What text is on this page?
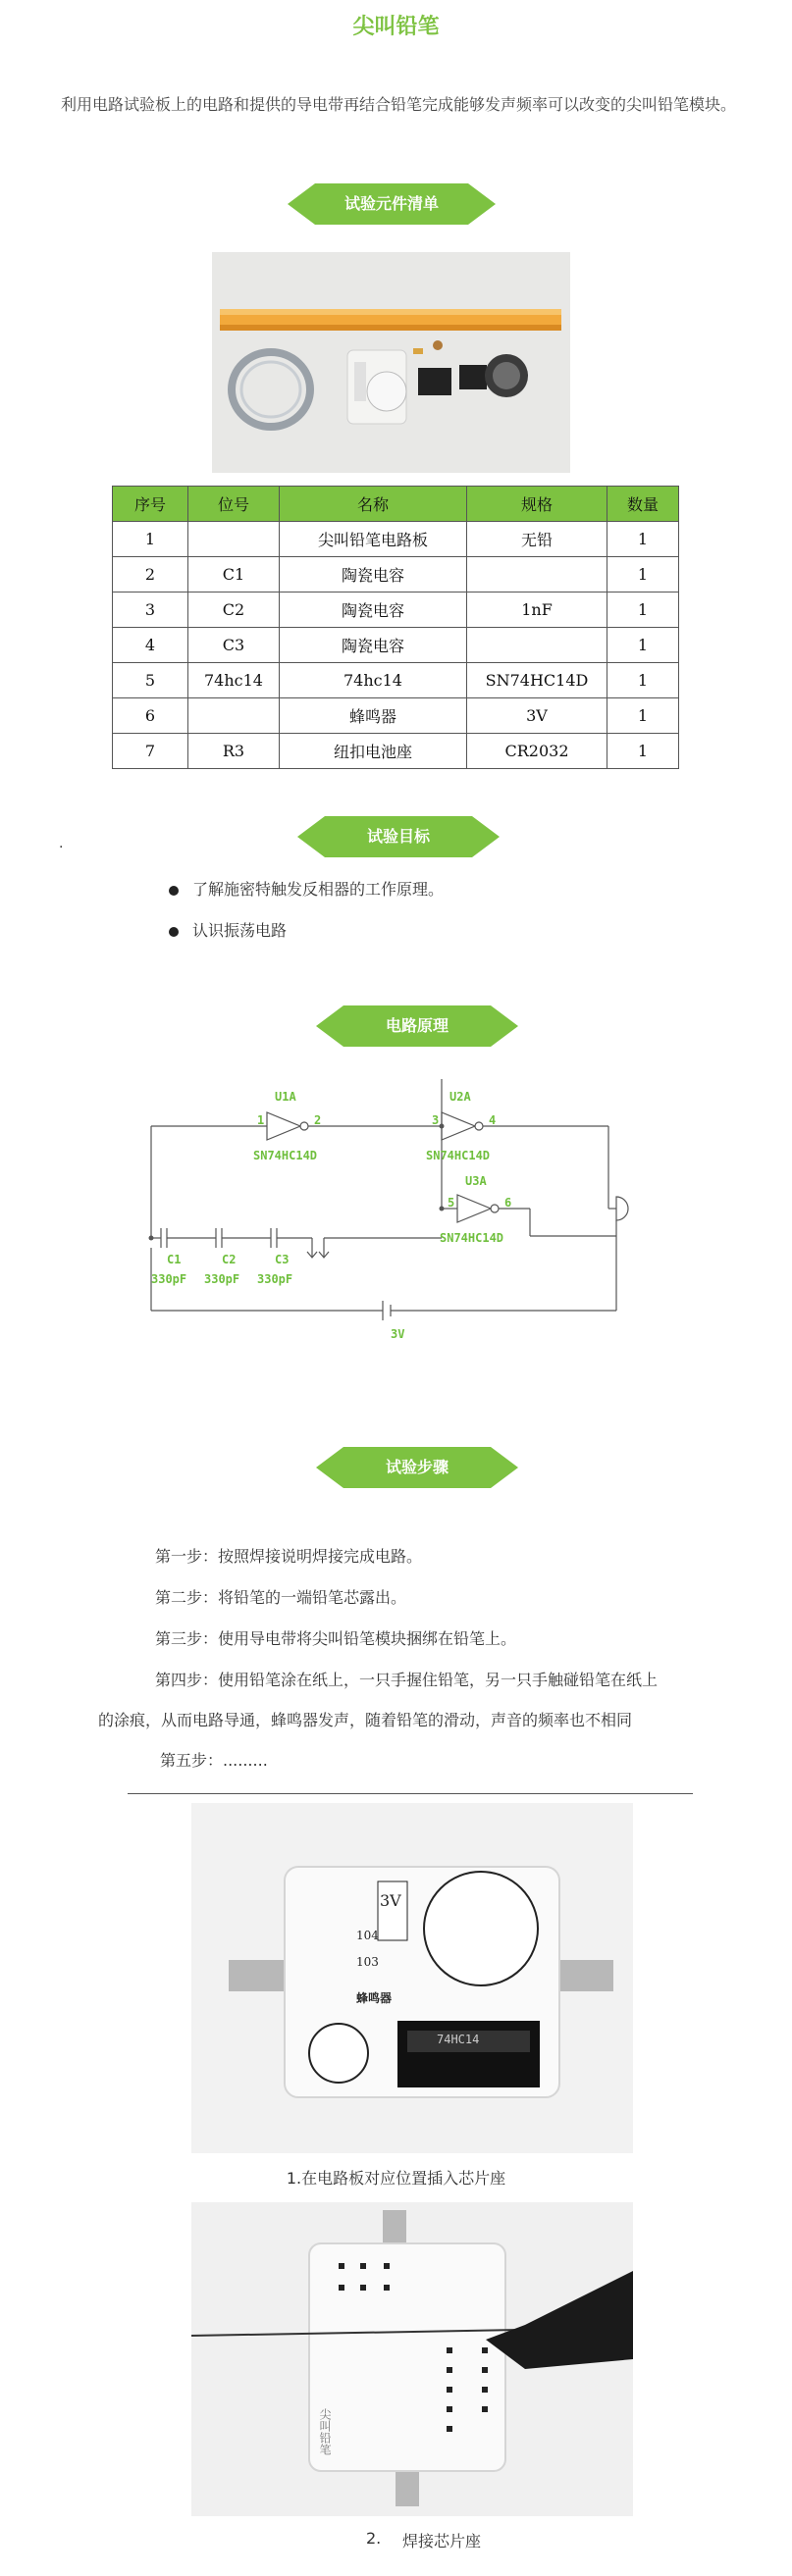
尖叫铅笔
利用电路试验板上的电路和提供的导电带再结合铅笔完成能够发声频率可以改变的尖叫铅笔模块。
试验元件清单
序号	位号	名称	规格	数量
1		尖叫铅笔电路板	无铅	1
2	C1	陶瓷电容		1
3	C2	陶瓷电容	1nF	1
4	C3	陶瓷电容		1
5	74hc14	74hc14	SN74HC14D	1
6		蜂鸣器	3V	1
7	R3	纽扣电池座	CR2032	1
试验目标
.
了解施密特触发反相器的工作原理。
认识振荡电路
电路原理
U1A
1	2
SN74HC14D
U2A
3	4
SN74HC14D
U3A
5	6
SN74HC14D
C1	C2	C3
330pF 330pF 330pF
3V
试验步骤
第一步：按照焊接说明焊接完成电路。
第二步：将铅笔的一端铅笔芯露出。
第三步：使用导电带将尖叫铅笔模块捆绑在铅笔上。
第四步：使用铅笔涂在纸上，一只手握住铅笔，另一只手触碰铅笔在纸上
的涂痕，从而电路导通，蜂鸣器发声，随着铅笔的滑动，声音的频率也不相同
第五步：.........
104
103
3V
蜂鸣器
74HC14
1.在电路板对应位置插入芯片座
尖叫铅笔
2. 焊接芯片座
